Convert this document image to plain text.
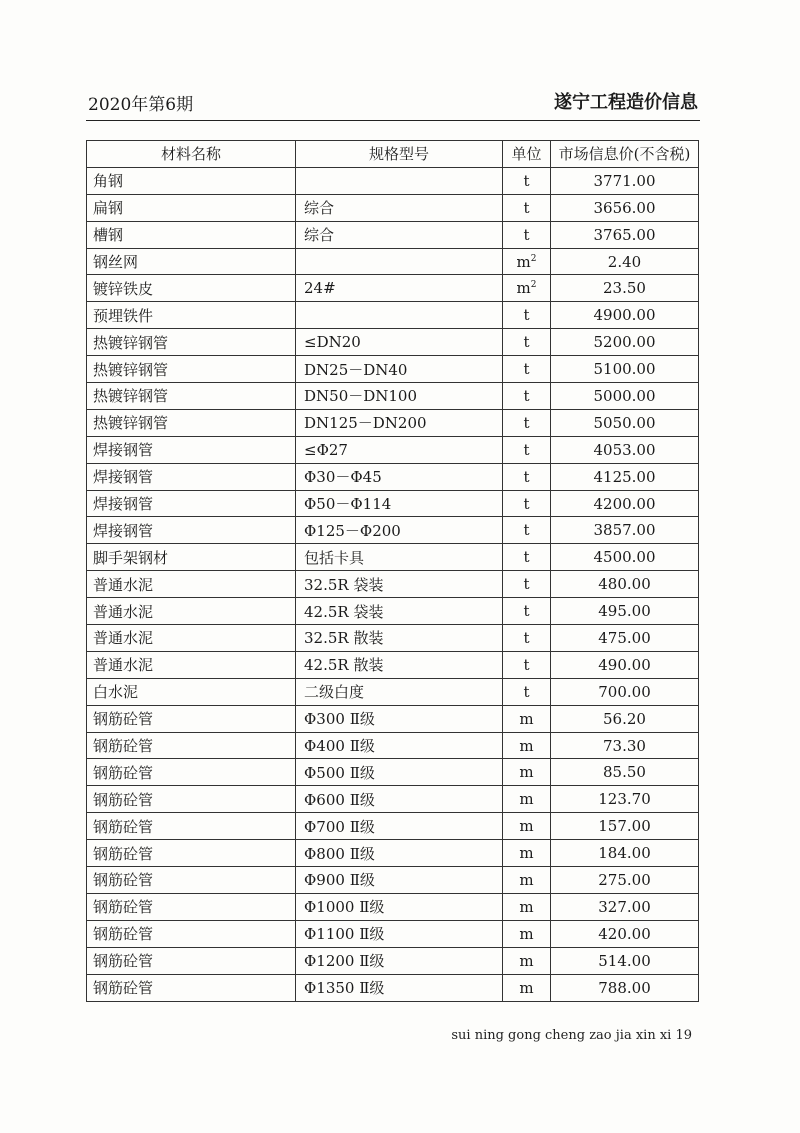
2020年第6期	遂宁工程造价信息
材料名称	规格型号	单位	市场信息价(不含税)
角钢		t	3771.00
扁钢	综合	t	3656.00
槽钢	综合	t	3765.00
钢丝网		$m^2$	2.40
镀锌铁皮	24#	$m^2$	23.50
预埋铁件		t	4900.00
热镀锌钢管	≤DN20	t	5200.00
热镀锌钢管	DN25－DN40	t	5100.00
热镀锌钢管	DN50－DN100	t	5000.00
热镀锌钢管	DN125－DN200	t	5050.00
焊接钢管	≤Φ27	t	4053.00
焊接钢管	Φ30－Φ45	t	4125.00
焊接钢管	Φ50－Φ114	t	4200.00
焊接钢管	Φ125－Φ200	t	3857.00
脚手架钢材	包括卡具	t	4500.00
普通水泥	32.5R 袋装	t	480.00
普通水泥	42.5R 袋装	t	495.00
普通水泥	32.5R 散装	t	475.00
普通水泥	42.5R 散装	t	490.00
白水泥	二级白度	t	700.00
钢筋砼管	Φ300 Ⅱ级	m	56.20
钢筋砼管	Φ400 Ⅱ级	m	73.30
钢筋砼管	Φ500 Ⅱ级	m	85.50
钢筋砼管	Φ600 Ⅱ级	m	123.70
钢筋砼管	Φ700 Ⅱ级	m	157.00
钢筋砼管	Φ800 Ⅱ级	m	184.00
钢筋砼管	Φ900 Ⅱ级	m	275.00
钢筋砼管	Φ1000 Ⅱ级	m	327.00
钢筋砼管	Φ1100 Ⅱ级	m	420.00
钢筋砼管	Φ1200 Ⅱ级	m	514.00
钢筋砼管	Φ1350 Ⅱ级	m	788.00
sui ning gong cheng zao jia xin xi 19
